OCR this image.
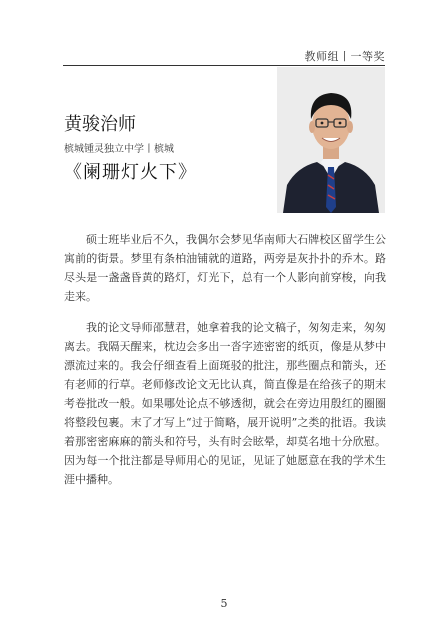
教师组丨一等奖
黄骏治师
槟城锺灵独立中学丨槟城
《阑珊灯火下》

硕士班毕业后不久，我偶尔会梦见华南师大石牌校区留学生公寓前的街景。梦里有条柏油铺就的道路，两旁是灰扑扑的乔木。路尽头是一盏盏昏黄的路灯，灯光下，总有一个人影向前穿梭，向我走来。

我的论文导师邵慧君，她拿着我的论文稿子，匆匆走来，匆匆离去。我隔天醒来，枕边会多出一沓字迹密密的纸页，像是从梦中漂流过来的。我会仔细查看上面斑驳的批注，那些圈点和箭头，还有老师的行草。老师修改论文无比认真，简直像是在给孩子的期末考卷批改一般。如果哪处论点不够透彻，就会在旁边用殷红的圈圈将整段包裹。末了才写上“过于简略，展开说明”之类的批语。我读着那密密麻麻的箭头和符号，头有时会眩晕，却莫名地十分欣慰。因为每一个批注都是导师用心的见证，见证了她愿意在我的学术生涯中播种。

5
